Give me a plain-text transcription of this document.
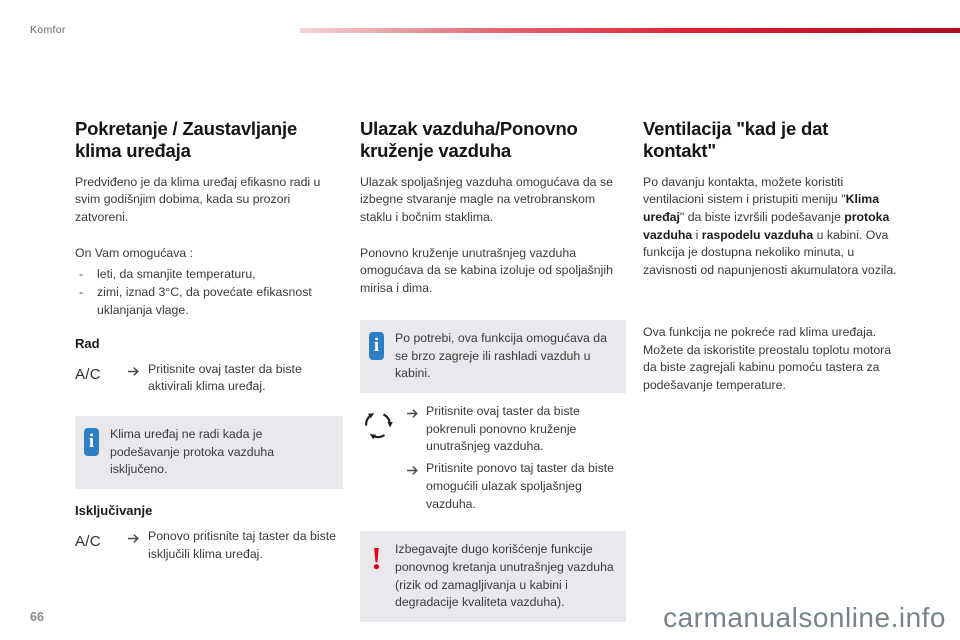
Komfor
Pokretanje / Zaustavljanje klima uređaja

Predviđeno je da klima uređaj efikasno radi u svim godišnjim dobima, kada su prozori zatvoreni.

On Vam omogućava :

-	leti, da smanjite temperaturu,
-	zimi, iznad 3°C, da povećate efikasnost uklanjanja vlage.
Rad
A/C	Pritisnite ovaj taster da biste aktivirali klima uređaj.
i	Klima uređaj ne radi kada je podešavanje protoka vazduha isključeno.
Isključivanje
A/C	Ponovo pritisnite taj taster da biste isključili klima uređaj.
Ulazak vazduha/Ponovno kruženje vazduha

Ulazak spoljašnjeg vazduha omogućava da se izbegne stvaranje magle na vetrobranskom staklu i bočnim staklima.

Ponovno kruženje unutrašnjeg vazduha omogućava da se kabina izoluje od spoljašnjih mirisa i dima.

i	Po potrebi, ova funkcija omogućava da se brzo zagreje ili rashladi vazduh u kabini.
Pritisnite ovaj taster da biste pokrenuli ponovno kruženje unutrašnjeg vazduha.
Pritisnite ponovo taj taster da biste omogućili ulazak spoljašnjeg vazduha.
! Izbegavajte dugo korišćenje funkcije ponovnog kretanja unutrašnjeg vazduha (rizik od zamagljivanja u kabini i degradacije kvaliteta vazduha).
Ventilacija "kad je dat kontakt"

Po davanju kontakta, možete koristiti ventilacioni sistem i pristupiti meniju "Klima uređaj" da biste izvršili podešavanje protoka vazduha i raspodelu vazduha u kabini. Ova funkcija je dostupna nekoliko minuta, u zavisnosti od napunjenosti akumulatora vozila.

Ova funkcija ne pokreće rad klima uređaja. Možete da iskoristite preostalu toplotu motora da biste zagrejali kabinu pomoću tastera za podešavanje temperature.

66	carmanualsonline.info
